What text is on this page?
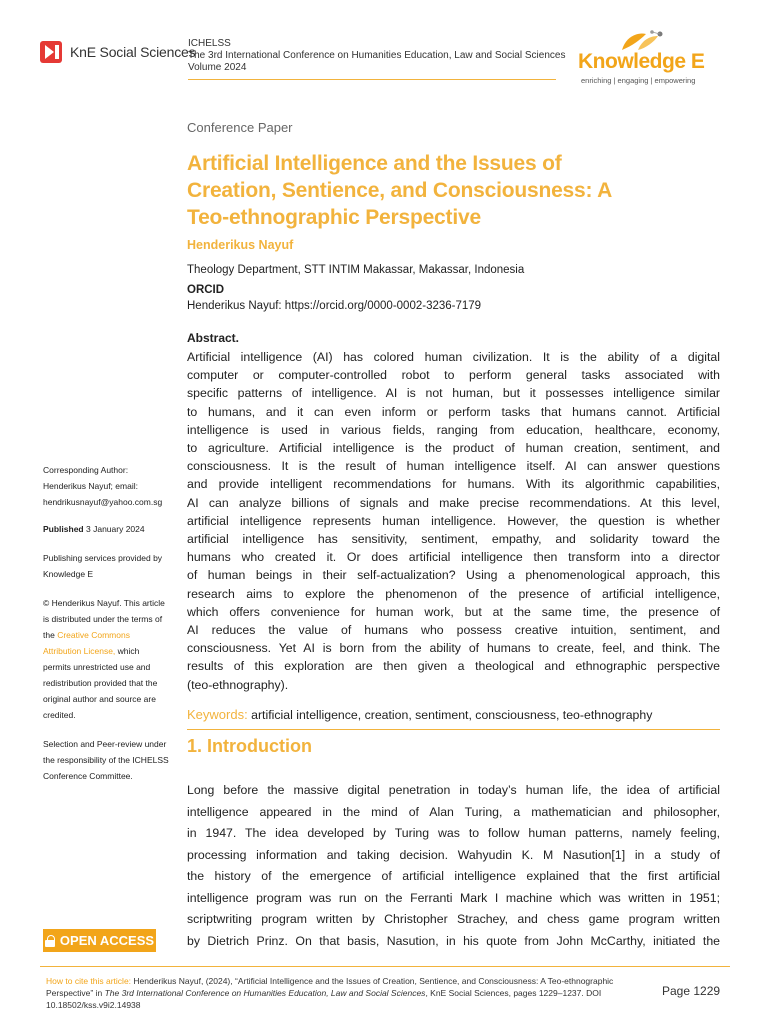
KnE Social Sciences
ICHELSS
The 3rd International Conference on Humanities Education, Law and Social Sciences
Volume 2024	Knowledge E
enriching | engaging | empowering
Corresponding Author:
Henderikus Nayuf; email:
hendrikusnayuf@yahoo.com.sg
Published 3 January 2024
Publishing services provided by
Knowledge E
© Henderikus Nayuf. This article
is distributed under the terms of
the Creative Commons
Attribution License, which
permits unrestricted use and
redistribution provided that the
original author and source are
credited.
Selection and Peer-review under
the responsibility of the ICHELSS
Conference Committee.
OPEN ACCESS
Conference Paper
Artificial Intelligence and the Issues of
Creation, Sentience, and Consciousness: A
Teo-ethnographic Perspective
Henderikus Nayuf
Theology Department, STT INTIM Makassar, Makassar, Indonesia
ORCID
Henderikus Nayuf: https://orcid.org/0000-0002-3236-7179
Abstract.
Artificial intelligence (AI) has colored human civilization. It is the ability of a digital
computer or computer-controlled robot to perform general tasks associated with
specific patterns of intelligence. AI is not human, but it possesses intelligence similar
to humans, and it can even inform or perform tasks that humans cannot. Artificial
intelligence is used in various fields, ranging from education, healthcare, economy,
to agriculture. Artificial intelligence is the product of human creation, sentiment, and
consciousness. It is the result of human intelligence itself. AI can answer questions
and provide intelligent recommendations for humans. With its algorithmic capabilities,
AI can analyze billions of signals and make precise recommendations. At this level,
artificial intelligence represents human intelligence. However, the question is whether
artificial intelligence has sensitivity, sentiment, empathy, and solidarity toward the
humans who created it. Or does artificial intelligence then transform into a director
of human beings in their self-actualization? Using a phenomenological approach, this
research aims to explore the phenomenon of the presence of artificial intelligence,
which offers convenience for human work, but at the same time, the presence of
AI reduces the value of humans who possess creative intuition, sentiment, and
consciousness. Yet AI is born from the ability of humans to create, feel, and think. The
results of this exploration are then given a theological and ethnographic perspective
(teo-ethnography).
Keywords: artificial intelligence, creation, sentiment, consciousness, teo-ethnography
1. Introduction
Long before the massive digital penetration in today’s human life, the idea of artificial
intelligence appeared in the mind of Alan Turing, a mathematician and philosopher,
in 1947. The idea developed by Turing was to follow human patterns, namely feeling,
processing information and taking decision. Wahyudin K. M Nasution[1] in a study of
the history of the emergence of artificial intelligence explained that the first artificial
intelligence program was run on the Ferranti Mark I machine which was written in 1951;
scriptwriting program written by Christopher Strachey, and chess game program written
by Dietrich Prinz. On that basis, Nasution, in his quote from John McCarthy, initiated the
How to cite this article: Henderikus Nayuf, (2024), “Artificial Intelligence and the Issues of Creation, Sentience, and Consciousness: A Teo-ethnographic Perspective” in The 3rd International Conference on Humanities Education, Law and Social Sciences, KnE Social Sciences, pages 1229–1237. DOI 10.18502/kss.v9i2.14938
Page 1229
